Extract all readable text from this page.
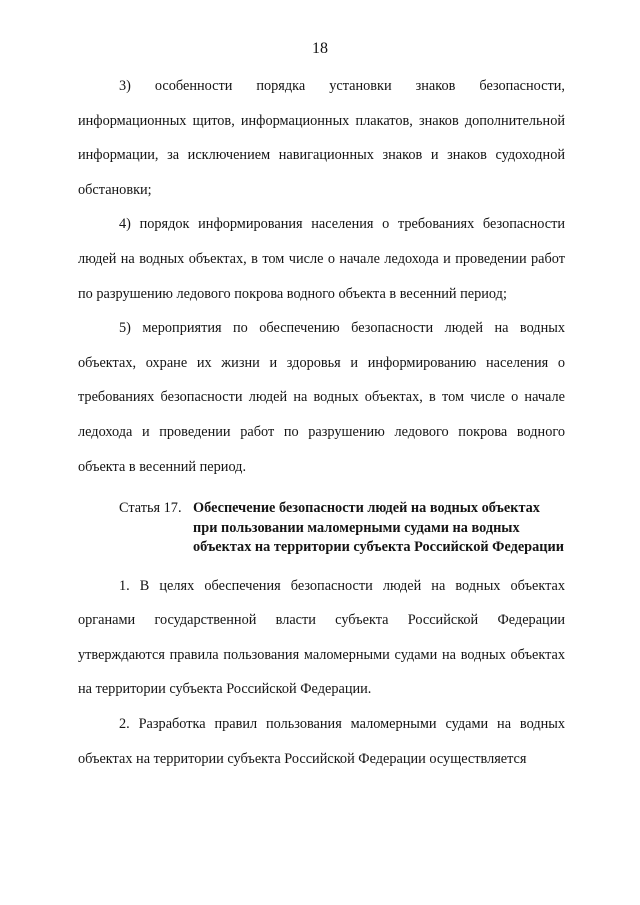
18

3) особенности порядка установки знаков безопасности, информационных щитов, информационных плакатов, знаков дополнительной информации, за исключением навигационных знаков и знаков судоходной обстановки;

4) порядок информирования населения о требованиях безопасности людей на водных объектах, в том числе о начале ледохода и проведении работ по разрушению ледового покрова водного объекта в весенний период;

5) мероприятия по обеспечению безопасности людей на водных объектах, охране их жизни и здоровья и информированию населения о требованиях безопасности людей на водных объектах, в том числе о начале ледохода и проведении работ по разрушению ледового покрова водного объекта в весенний период.

Статья 17. Обеспечение безопасности людей на водных объектах при пользовании маломерными судами на водных объектах на территории субъекта Российской Федерации

1. В целях обеспечения безопасности людей на водных объектах органами государственной власти субъекта Российской Федерации утверждаются правила пользования маломерными судами на водных объектах на территории субъекта Российской Федерации.

2. Разработка правил пользования маломерными судами на водных объектах на территории субъекта Российской Федерации осуществляется
